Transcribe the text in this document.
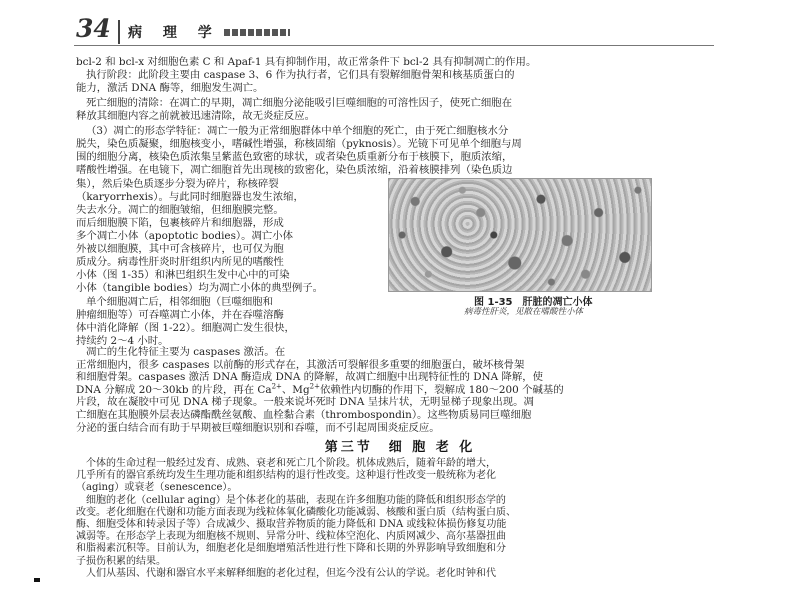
34 病 理 学
bcl-2 和 bcl-x 对细胞色素 C 和 Apaf-1 具有抑制作用，故正常条件下 bcl-2 具有抑制凋亡的作用。
执行阶段：此阶段主要由 caspase 3、6 作为执行者，它们具有裂解细胞骨架和核基质蛋白的
能力，激活 DNA 酶等，细胞发生凋亡。
死亡细胞的清除：在凋亡的早期，凋亡细胞分泌能吸引巨噬细胞的可溶性因子，使死亡细胞在
释放其细胞内容之前就被迅速清除，故无炎症反应。
（3）凋亡的形态学特征：凋亡一般为正常细胞群体中单个细胞的死亡，由于死亡细胞核水分
脱失，染色质凝聚，细胞核变小，嗜碱性增强，称核固缩（pyknosis）。光镜下可见单个细胞与周
围的细胞分离，核染色质浓集呈紫蓝色致密的球状，或者染色质重新分布于核膜下，胞质浓缩，
嗜酸性增强。在电镜下，凋亡细胞首先出现核的致密化，染色质浓缩，沿着核膜排列（染色质边
集），然后染色质逐步分裂为碎片，称核碎裂
（karyorrhexis）。与此同时细胞器也发生浓缩，
失去水分。凋亡的细胞皱缩，但细胞膜完整。
而后细胞膜下陷，包裹核碎片和细胞器，形成
多个凋亡小体（apoptotic bodies）。凋亡小体
外被以细胞膜，其中可含核碎片，也可仅为胞
质成分。病毒性肝炎时肝组织内所见的嗜酸性
小体（图 1-35）和淋巴组织生发中心中的可染
小体（tangible bodies）均为凋亡小体的典型例子。
单个细胞凋亡后，相邻细胞（巨噬细胞和
肿瘤细胞等）可吞噬凋亡小体，并在吞噬溶酶
体中消化降解（图 1-22）。细胞凋亡发生很快，
持续约 2～4 小时。
图 1-35　肝脏的凋亡小体
病毒性肝炎，见散在嗜酸性小体
凋亡的生化特征主要为 caspases 激活。在
正常细胞内，很多 caspases 以前酶的形式存在，其激活可裂解很多重要的细胞蛋白，破坏核骨架
和细胞骨架。caspases 激活 DNA 酶造成 DNA 的降解，故凋亡细胞中出现特征性的 DNA 降解，使
DNA 分解成 20～30kb 的片段，再在 $Ca^{2+}$、$Mg^{2+}$依赖性内切酶的作用下，裂解成 180～200 个碱基的
片段，故在凝胶中可见 DNA 梯子现象。一般来说坏死时 DNA 呈抹片状，无明显梯子现象出现。凋
亡细胞在其胞膜外层表达磷酯酰丝氨酸、血栓黏合素（thrombospondin）。这些物质易同巨噬细胞
分泌的蛋白结合而有助于早期被巨噬细胞识别和吞噬，而不引起周围炎症反应。
第三节　细 胞 老 化
个体的生命过程一般经过发育、成熟、衰老和死亡几个阶段。机体成熟后，随着年龄的增大，
几乎所有的器官系统均发生生理功能和组织结构的退行性改变。这种退行性改变一般统称为老化
（aging）或衰老（senescence）。
细胞的老化（cellular aging）是个体老化的基础，表现在许多细胞功能的降低和组织形态学的
改变。老化细胞在代谢和功能方面表现为线粒体氧化磷酸化功能减弱、核酸和蛋白质（结构蛋白质、
酶、细胞受体和转录因子等）合成减少、摄取营养物质的能力降低和 DNA 或线粒体损伤修复功能
减弱等。在形态学上表现为细胞核不规则、异常分叶、线粒体空泡化、内质网减少、高尔基器扭曲
和脂褐素沉积等。目前认为，细胞老化是细胞增殖活性进行性下降和长期的外界影响导致细胞和分
子损伤积累的结果。
人们从基因、代谢和器官水平来解释细胞的老化过程，但迄今没有公认的学说。老化时钟和代
